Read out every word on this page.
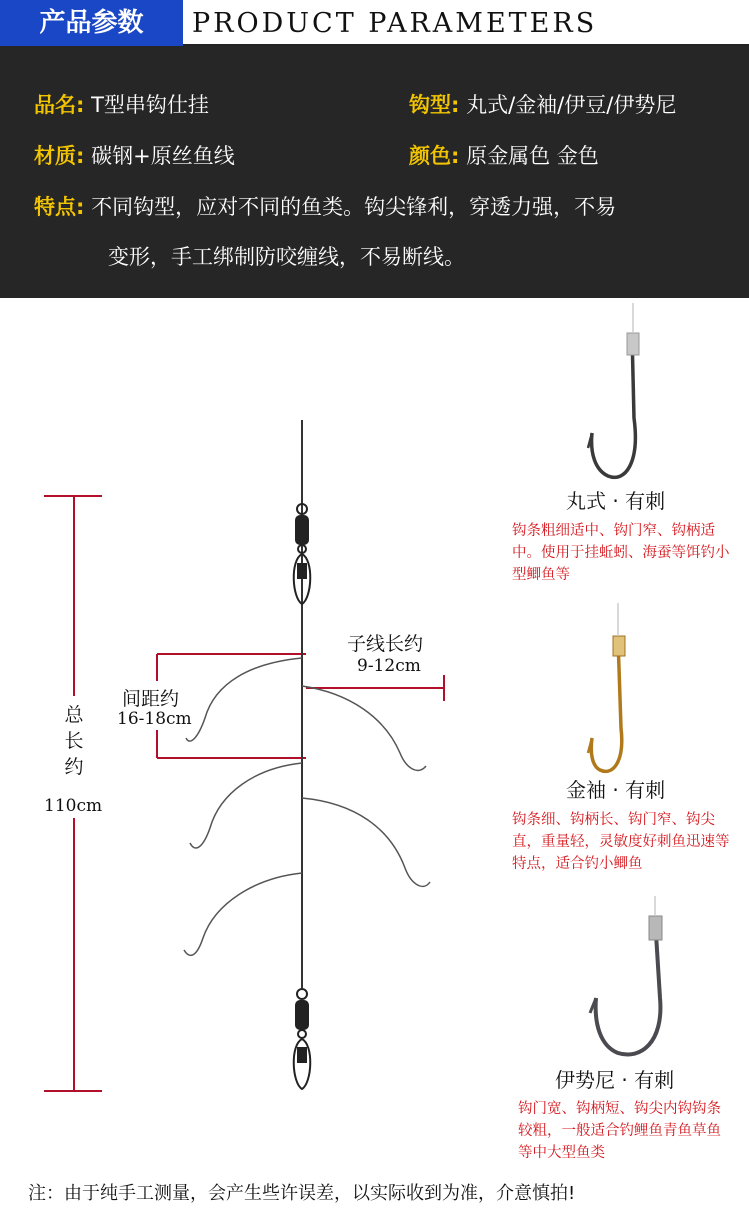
产品参数	PRODUCT PARAMETERS
品名: T型串钩仕挂	钩型: 丸式/金袖/伊豆/伊势尼
材质: 碳钢+原丝鱼线	颜色: 原金属色 金色
特点: 不同钩型，应对不同的鱼类。钩尖锋利，穿透力强，不易
变形，手工绑制防咬缠线，不易断线。
总
长
约
110cm
间距约
16-18cm
子线长约
9-12cm
丸式 · 有刺
钩条粗细适中、钩门窄、钩柄适中。使用于挂蚯蚓、海蚕等饵钓小型鲫鱼等
金袖 · 有刺
钩条细、钩柄长、钩门窄、钩尖直，重量轻，灵敏度好刺鱼迅速等特点，适合钓小鲫鱼
伊势尼 · 有刺
钩门宽、钩柄短、钩尖内钩钩条较粗，一般适合钓鲤鱼青鱼草鱼等中大型鱼类
注：由于纯手工测量，会产生些许误差，以实际收到为准，介意慎拍!
